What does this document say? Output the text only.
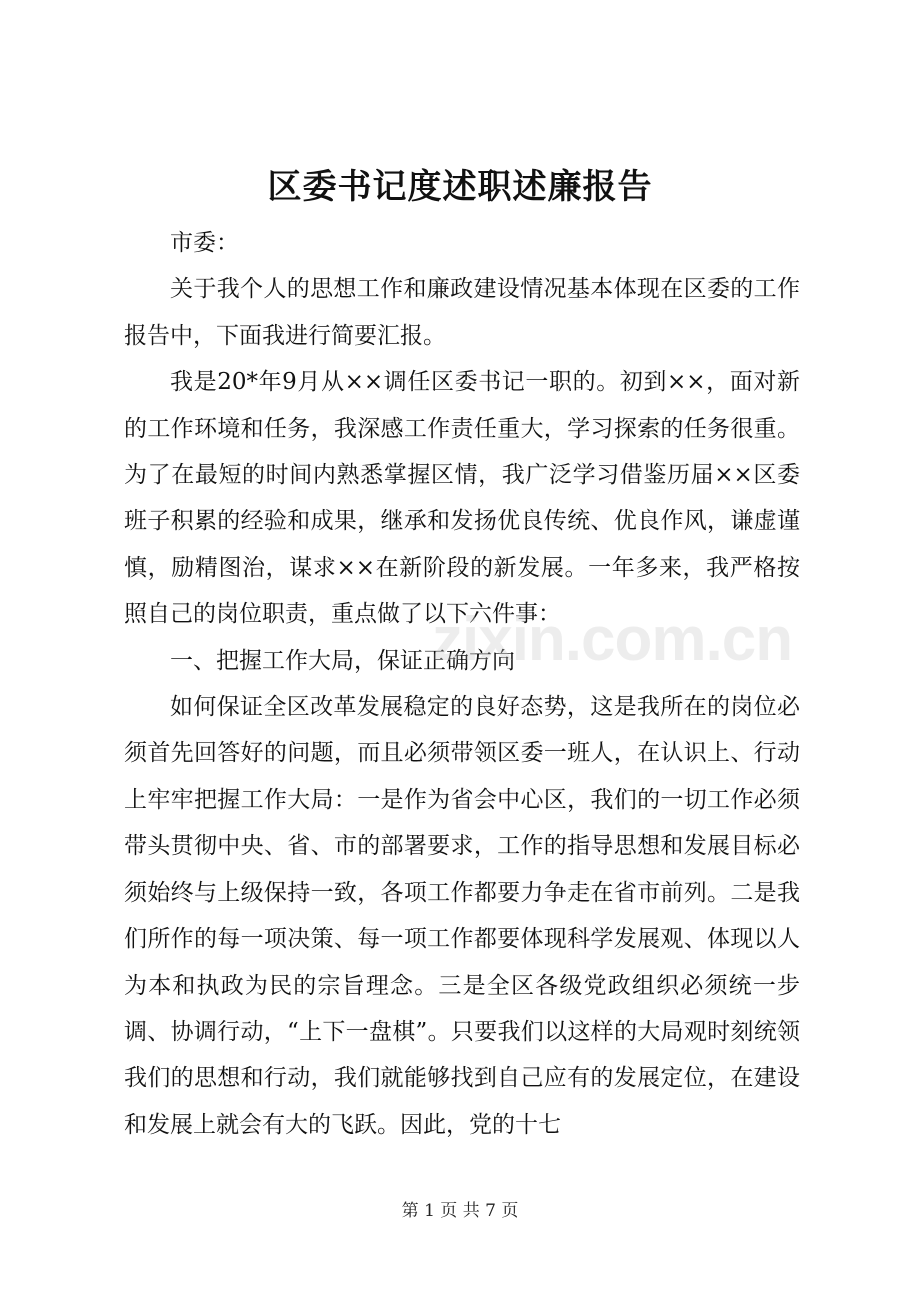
区委书记度述职述廉报告

市委：

关于我个人的思想工作和廉政建设情况基本体现在区委的工作报告中，下面我进行简要汇报。

我是20*年9月从××调任区委书记一职的。初到××，面对新的工作环境和任务，我深感工作责任重大，学习探索的任务很重。为了在最短的时间内熟悉掌握区情，我广泛学习借鉴历届××区委班子积累的经验和成果，继承和发扬优良传统、优良作风，谦虚谨慎，励精图治，谋求××在新阶段的新发展。一年多来，我严格按照自己的岗位职责，重点做了以下六件事：

一、把握工作大局，保证正确方向

如何保证全区改革发展稳定的良好态势，这是我所在的岗位必须首先回答好的问题，而且必须带领区委一班人，在认识上、行动上牢牢把握工作大局：一是作为省会中心区，我们的一切工作必须带头贯彻中央、省、市的部署要求，工作的指导思想和发展目标必须始终与上级保持一致，各项工作都要力争走在省市前列。二是我们所作的每一项决策、每一项工作都要体现科学发展观、体现以人为本和执政为民的宗旨理念。三是全区各级党政组织必须统一步调、协调行动，“上下一盘棋”。只要我们以这样的大局观时刻统领我们的思想和行动，我们就能够找到自己应有的发展定位，在建设和发展上就会有大的飞跃。因此，党的十七

zixin.com.cn
第 1 页 共 7 页
